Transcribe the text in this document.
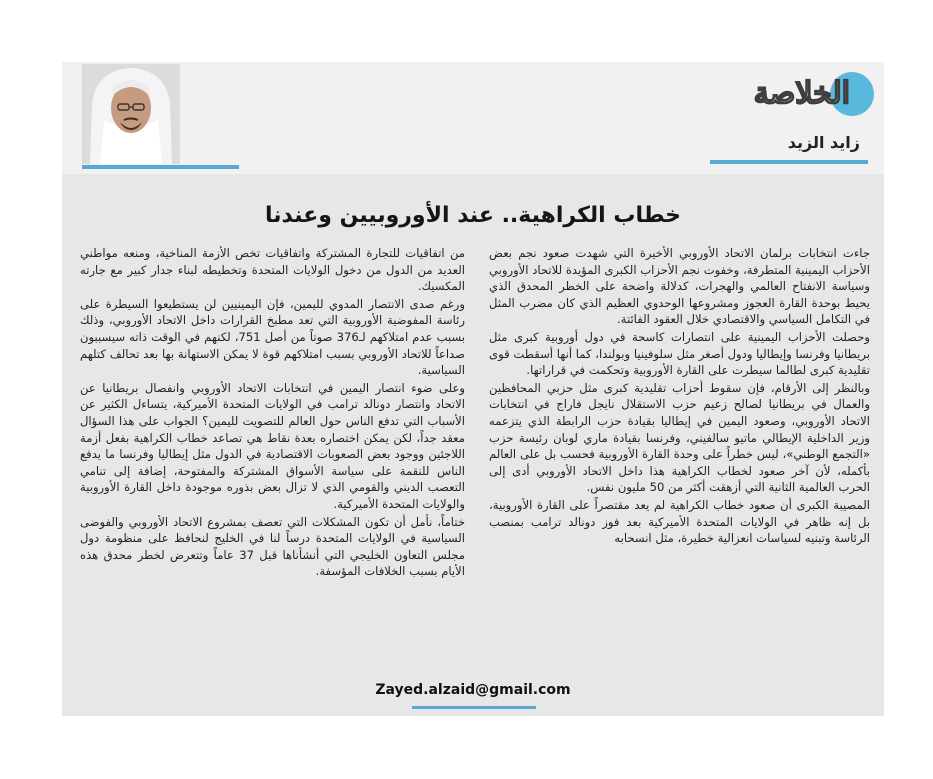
الخلاصة
زايد الزيد
خطاب الكراهية.. عند الأوروبيين وعندنا

جاءت انتخابات برلمان الاتحاد الأوروبي الأخيرة التي شهدت صعود نجم بعض الأحزاب اليمينية المتطرفة، وخفوت نجم الأحزاب الكبرى المؤيدة للاتحاد الأوروبي وسياسة الانفتاح العالمي والهجرات، كدلالة واضحة على الخطر المحدق الذي يحيط بوحدة القارة العجوز ومشروعها الوحدوي العظيم الذي كان مضرب المثل في التكامل السياسي والاقتصادي خلال العقود الفائتة.

وحصلت الأحزاب اليمينية على انتصارات كاسحة في دول أوروبية كبرى مثل بريطانيا وفرنسا وإيطاليا ودول أصغر مثل سلوفينيا وبولندا، كما أنها أسقطت قوى تقليدية كبرى لطالما سيطرت على القارة الأوروبية وتحكمت في قراراتها.

وبالنظر إلى الأرقام، فإن سقوط أحزاب تقليدية كبرى مثل حزبي المحافظين والعمال في بريطانيا لصالح زعيم حزب الاستقلال نايجل فاراج في انتخابات الاتحاد الأوروبي، وصعود اليمين في إيطاليا بقيادة حزب الرابطة الذي يتزعمه وزير الداخلية الإيطالي ماتيو سالفيني، وفرنسا بقيادة ماري لوبان رئيسة حزب «التجمع الوطني»، ليس خطراً على وحدة القارة الأوروبية فحسب بل على العالم بأكمله، لأن آخر صعود لخطاب الكراهية هذا داخل الاتحاد الأوروبي أدى إلى الحرب العالمية الثانية التي أزهقت أكثر من 50 مليون نفس.

المصيبة الكبرى أن صعود خطاب الكراهية لم يعد مقتصراً على القارة الأوروبية، بل إنه ظاهر في الولايات المتحدة الأميركية بعد فوز دونالد ترامب بمنصب الرئاسة وتبنيه لسياسات انعزالية خطيرة، مثل انسحابه

من اتفاقيات للتجارة المشتركة واتفاقيات تخص الأزمة المناخية، ومنعه مواطني العديد من الدول من دخول الولايات المتحدة وتخطيطه لبناء جدار كبير مع جارته المكسيك.

ورغم صدى الانتصار المدوي لليمين، فإن اليمينيين لن يستطيعوا السيطرة على رئاسة المفوضية الأوروبية التي تعد مطبخ القرارات داخل الاتحاد الأوروبي، وذلك بسبب عدم امتلاكهم لـ376 صوتاً من أصل 751، لكنهم في الوقت ذاته سيسببون صداعاً للاتحاد الأوروبي بسبب امتلاكهم قوة لا يمكن الاستهانة بها بعد تحالف كتلهم السياسية.

وعلى ضوء انتصار اليمين في انتخابات الاتحاد الأوروبي وانفصال بريطانيا عن الاتحاد وانتصار دونالد ترامب في الولايات المتحدة الأميركية، يتساءل الكثير عن الأسباب التي تدفع الناس حول العالم للتصويت لليمين؟ الجواب على هذا السؤال معقد جداً، لكن يمكن اختصاره بعدة نقاط هي تصاعد خطاب الكراهية بفعل أزمة اللاجئين ووجود بعض الصعوبات الاقتصادية في الدول مثل إيطاليا وفرنسا ما يدفع الناس للنقمة على سياسة الأسواق المشتركة والمفتوحة، إضافة إلى تنامي التعصب الديني والقومي الذي لا تزال بعض بذوره موجودة داخل القارة الأوروبية والولايات المتحدة الأميركية.

ختاماً، نأمل أن تكون المشكلات التي تعصف بمشروع الاتحاد الأوروبي والفوضى السياسية في الولايات المتحدة درساً لنا في الخليج لنحافظ على منظومة دول مجلس التعاون الخليجي التي أنشأناها قبل 37 عاماً وتتعرض لخطر محدق هذه الأيام بسبب الخلافات المؤسفة.

Zayed.alzaid@gmail.com
